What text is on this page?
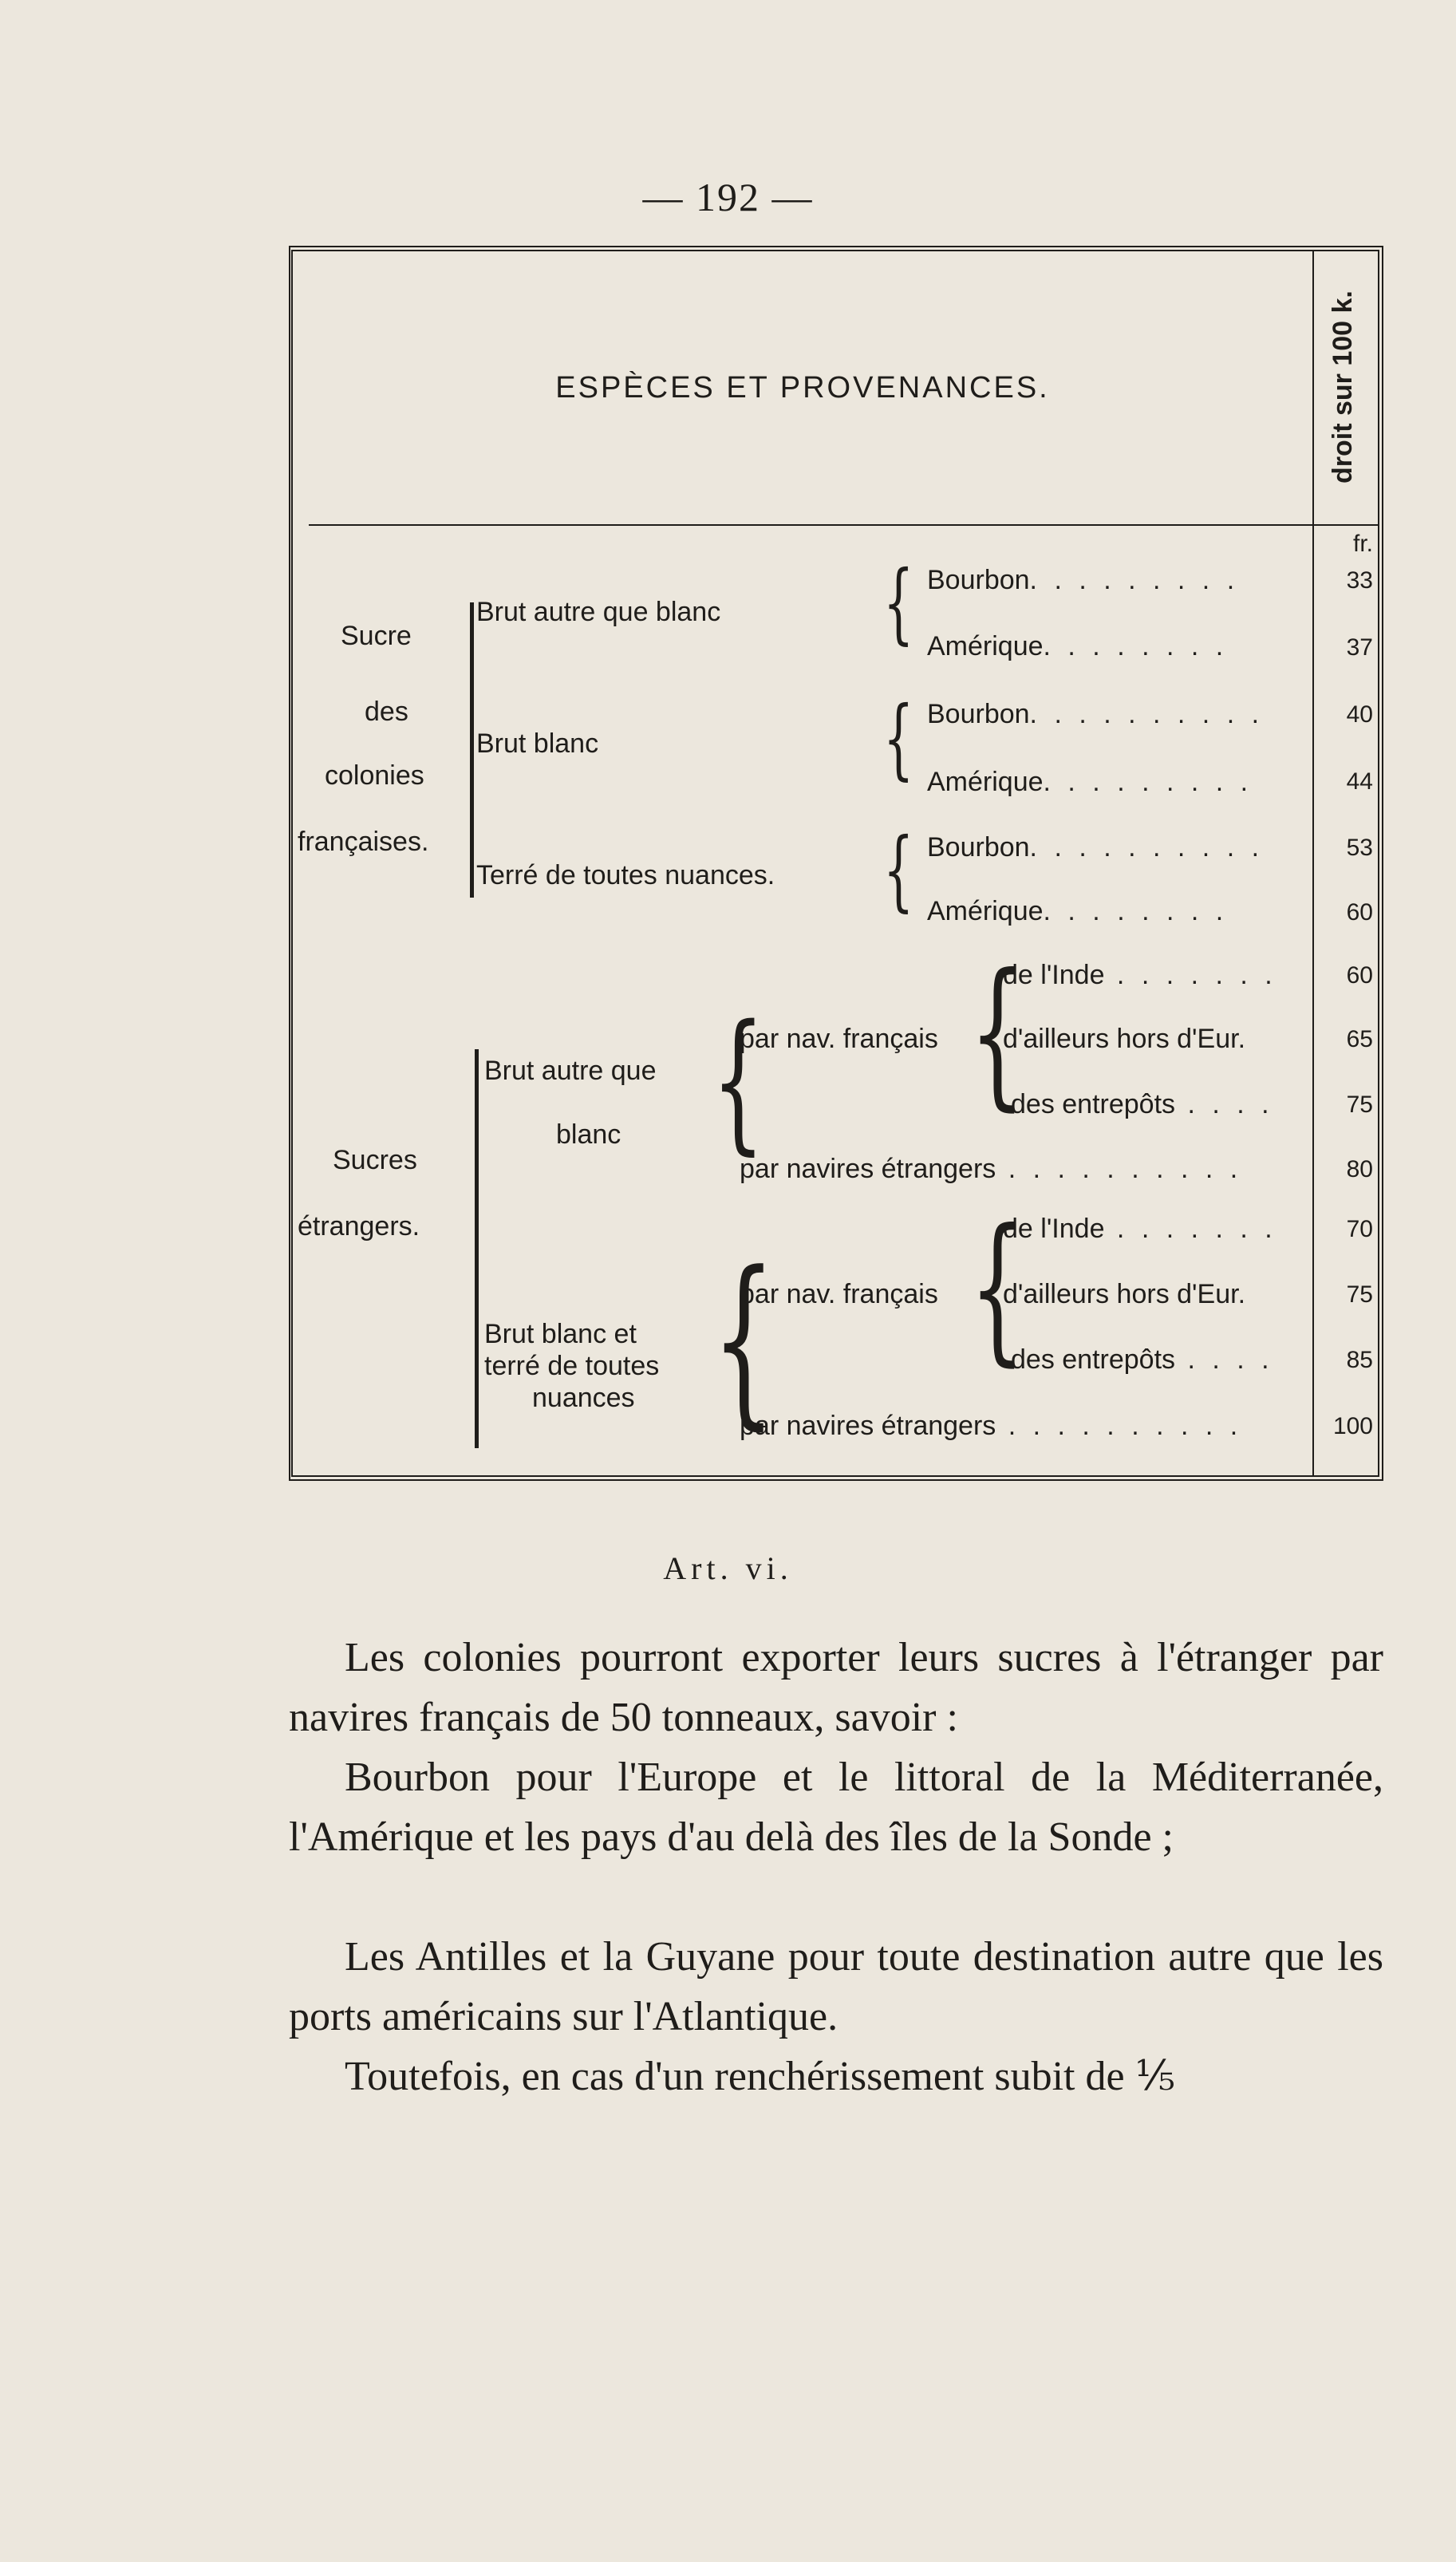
— 192 —
ESPÈCES ET PROVENANCES.	droit sur 100 k.
fr.
Sucre
des
colonies
françaises.
Brut autre que blanc
Brut blanc
Terré de toutes nuances.
{
{
{
Bourbon. . . . . . . . .	33
Amérique. . . . . . . .	37
Bourbon. . . . . . . . . .	40
Amérique. . . . . . . . .	44
Bourbon. . . . . . . . . .	53
Amérique. . . . . . . .	60
Sucres
étrangers.
Brut autre que
blanc {
Brut blanc et
terré de toutes
nuances {
par nav. français {
de l'Inde . . . . . . .	60
d'ailleurs hors d'Eur.	65
des entrepôts . . . .	75
par navires étrangers . . . . . . . . . .	80
par nav. français {
de l'Inde . . . . . . .	70
d'ailleurs hors d'Eur.	75
des entrepôts . . . .	85
par navires étrangers . . . . . . . . . .	100
Art. vi.
Les colonies pourront exporter leurs sucres à l'étranger par navires français de 50 tonneaux, savoir :
Bourbon pour l'Europe et le littoral de la Méditerranée, l'Amérique et les pays d'au delà des îles de la Sonde ;
Les Antilles et la Guyane pour toute destination autre que les ports américains sur l'Atlantique.
Toutefois, en cas d'un renchérissement subit de ⅕
